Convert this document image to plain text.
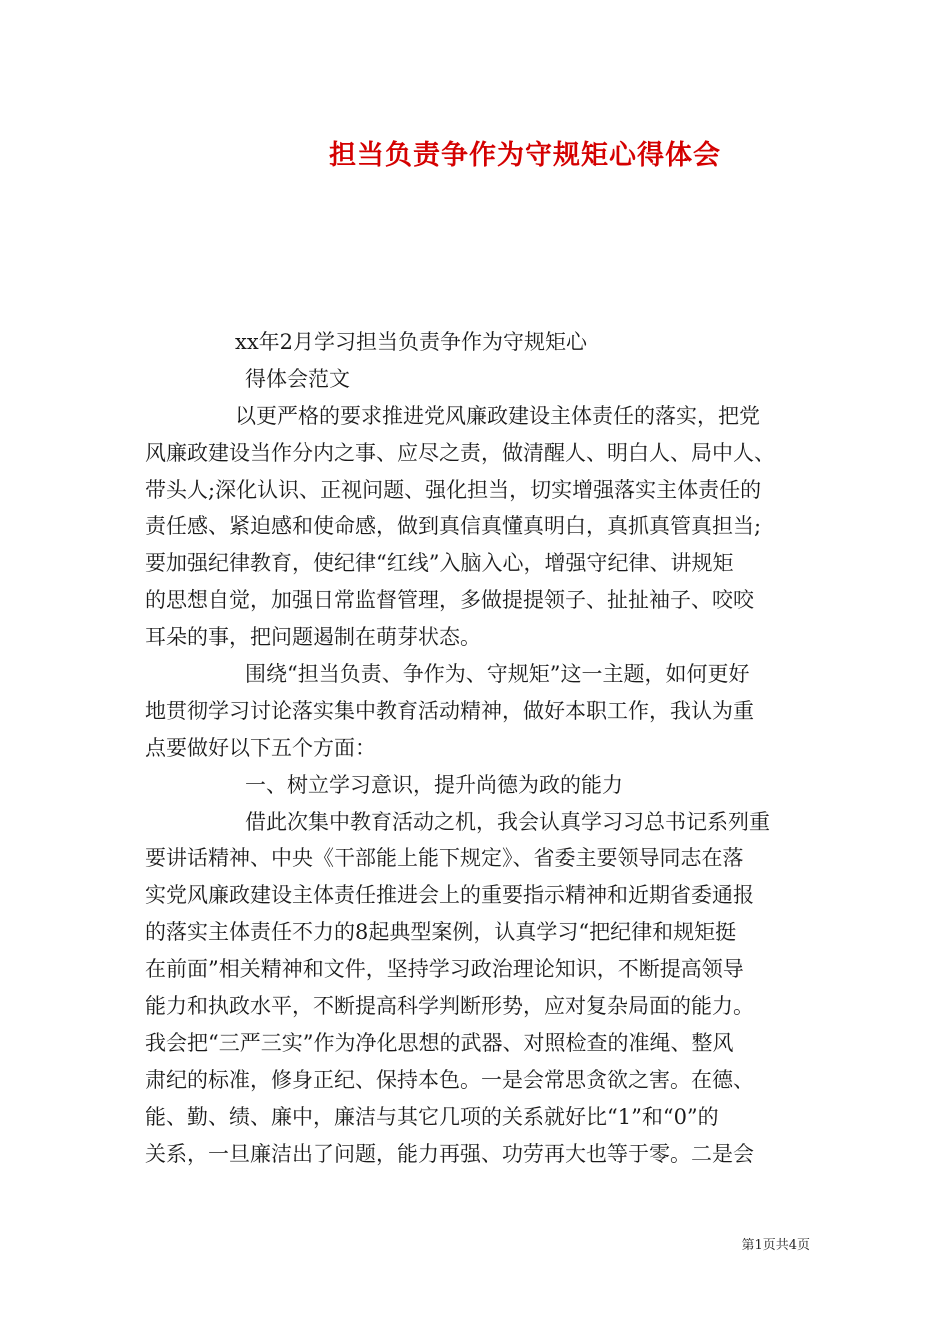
担当负责争作为守规矩心得体会
xx年2月学习担当负责争作为守规矩心
得体会范文
以更严格的要求推进党风廉政建设主体责任的落实，把党
风廉政建设当作分内之事、应尽之责，做清醒人、明白人、局中人、
带头人;深化认识、正视问题、强化担当，切实增强落实主体责任的
责任感、紧迫感和使命感，做到真信真懂真明白，真抓真管真担当;
要加强纪律教育，使纪律“红线”入脑入心，增强守纪律、讲规矩
的思想自觉，加强日常监督管理，多做提提领子、扯扯袖子、咬咬
耳朵的事，把问题遏制在萌芽状态。
围绕“担当负责、争作为、守规矩”这一主题，如何更好
地贯彻学习讨论落实集中教育活动精神，做好本职工作，我认为重
点要做好以下五个方面：
一、树立学习意识，提升尚德为政的能力
借此次集中教育活动之机，我会认真学习习总书记系列重
要讲话精神、中央《干部能上能下规定》、省委主要领导同志在落
实党风廉政建设主体责任推进会上的重要指示精神和近期省委通报
的落实主体责任不力的8起典型案例，认真学习“把纪律和规矩挺
在前面”相关精神和文件，坚持学习政治理论知识，不断提高领导
能力和执政水平，不断提高科学判断形势，应对复杂局面的能力。
我会把“三严三实”作为净化思想的武器、对照检查的准绳、整风
肃纪的标准，修身正纪、保持本色。一是会常思贪欲之害。在德、
能、勤、绩、廉中，廉洁与其它几项的关系就好比“1”和“0”的
关系，一旦廉洁出了问题，能力再强、功劳再大也等于零。二是会
第1页共4页
